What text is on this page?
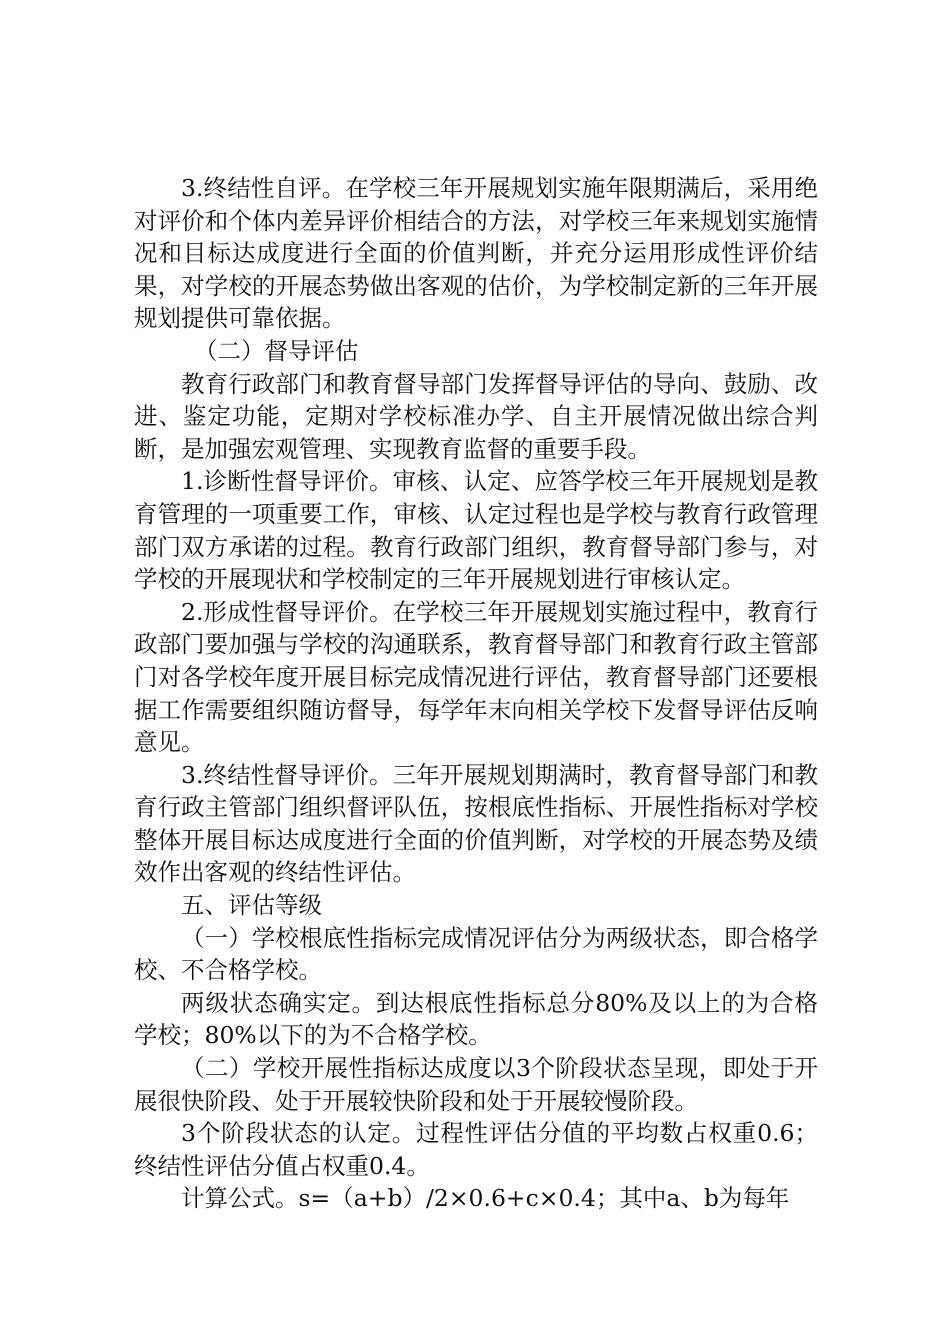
3.终结性自评。在学校三年开展规划实施年限期满后，采用绝对评价和个体内差异评价相结合的方法，对学校三年来规划实施情况和目标达成度进行全面的价值判断，并充分运用形成性评价结果，对学校的开展态势做出客观的估价，为学校制定新的三年开展规划提供可靠依据。

（二）督导评估

教育行政部门和教育督导部门发挥督导评估的导向、鼓励、改进、鉴定功能，定期对学校标准办学、自主开展情况做出综合判断，是加强宏观管理、实现教育监督的重要手段。

1.诊断性督导评价。审核、认定、应答学校三年开展规划是教育管理的一项重要工作，审核、认定过程也是学校与教育行政管理部门双方承诺的过程。教育行政部门组织，教育督导部门参与，对学校的开展现状和学校制定的三年开展规划进行审核认定。

2.形成性督导评价。在学校三年开展规划实施过程中，教育行政部门要加强与学校的沟通联系，教育督导部门和教育行政主管部门对各学校年度开展目标完成情况进行评估，教育督导部门还要根据工作需要组织随访督导，每学年末向相关学校下发督导评估反响意见。

3.终结性督导评价。三年开展规划期满时，教育督导部门和教育行政主管部门组织督评队伍，按根底性指标、开展性指标对学校整体开展目标达成度进行全面的价值判断，对学校的开展态势及绩效作出客观的终结性评估。

五、评估等级

（一）学校根底性指标完成情况评估分为两级状态，即合格学校、不合格学校。

两级状态确实定。到达根底性指标总分80%及以上的为合格学校；80%以下的为不合格学校。

（二）学校开展性指标达成度以3个阶段状态呈现，即处于开展很快阶段、处于开展较快阶段和处于开展较慢阶段。

3个阶段状态的认定。过程性评估分值的平均数占权重0.6；终结性评估分值占权重0.4。

计算公式。s=（a+b）/2×0.6+c×0.4；其中a、b为每年
